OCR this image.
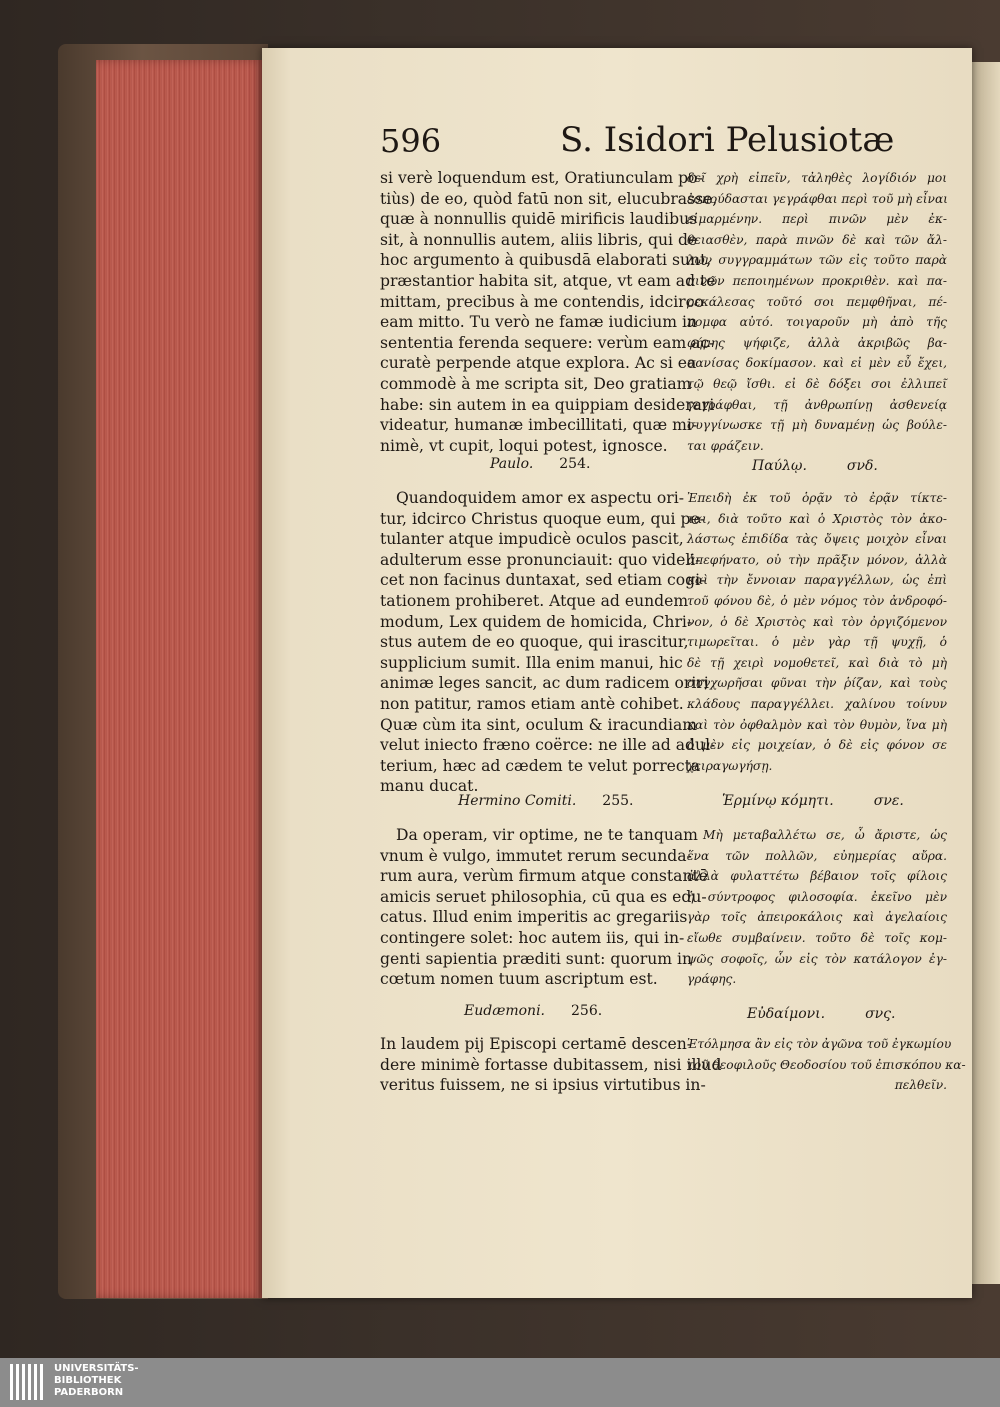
596	S. Isidori Pelusiotæ
si verè loquendum est, Oratiunculam po-
tiùs) de eo, quòd fatū non sit, elucubrasse,
quæ à nonnullis quidē mirificis laudibus
sit, à nonnullis autem, aliis libris, qui de
hoc argumento à quibusdā elaborati sunt,
præstantior habita sit, atque, vt eam ad te
mittam, precibus à me contendis, idcirco
eam mitto. Tu verò ne famæ iudicium in
sententia ferenda sequere: verùm eam ac-
curatè perpende atque explora. Ac si ea
commodè à me scripta sit, Deo gratiam
habe: sin autem in ea quippiam desiderari
videatur, humanæ imbecillitati, quæ mi-
nimè, vt cupit, loqui potest, ignosce.
δεῖ χρὴ εἰπεῖν, τἀληθὲς λογίδιόν μοι
ἐσπούδασται γεγράφθαι περὶ τοῦ μὴ εἶναι
εἱμαρμένην. περὶ πινῶν μὲν ἐκ-
θειασθὲν, παρὰ πινῶν δὲ καὶ τῶν ἄλ-
λων συγγραμμάτων τῶν εἰς τοῦτο παρὰ
πινῶν πεποιημένων προκριθὲν. καὶ πα-
ρεκάλεσας τοῦτό σοι πεμφθῆναι, πέ-
πομφα αὐτό. τοιγαροῦν μὴ ἀπὸ τῆς
φήμης ψήφιζε, ἀλλὰ ἀκριβῶς βα-
σανίσας δοκίμασον. καὶ εἰ μὲν εὖ ἔχει,
τῷ θεῷ ἴσθι. εἰ δὲ δόξει σοι ἐλλιπεῖ
γεγράφθαι, τῇ ἀνθρωπίνῃ ἀσθενείᾳ
συγγίνωσκε τῇ μὴ δυναμένῃ ὡς βούλε-
ται φράζειν.
Paulo. 254.	Παύλῳ.	σνδ.
Quandoquidem amor ex aspectu ori-
tur, idcirco Christus quoque eum, qui pe-
tulanter atque impudicè oculos pascit,
adulterum esse pronunciauit: quo videli-
cet non facinus duntaxat, sed etiam cogi-
tationem prohiberet. Atque ad eundem
modum, Lex quidem de homicida, Chri-
stus autem de eo quoque, qui irascitur,
supplicium sumit. Illa enim manui, hic
animæ leges sancit, ac dum radicem oriri
non patitur, ramos etiam antè cohibet.
Quæ cùm ita sint, oculum & iracundiam
velut iniecto fræno coërce: ne ille ad adul-
terium, hæc ad cædem te velut porrecta
manu ducat.
Ἐπειδὴ ἐκ τοῦ ὁρᾷν τὸ ἐρᾷν τίκτε-
ται, διὰ τοῦτο καὶ ὁ Χριστὸς τὸν ἀκο-
λάστως ἐπιδίδα τὰς ὄψεις μοιχὸν εἶναι
ἀπεφήνατο, οὐ τὴν πρᾶξιν μόνον, ἀλλὰ
καὶ τὴν ἔννοιαν παραγγέλλων, ὡς ἐπὶ
τοῦ φόνου δὲ, ὁ μὲν νόμος τὸν ἀνδροφό-
νον, ὁ δὲ Χριστὸς καὶ τὸν ὀργιζόμενον
τιμωρεῖται. ὁ μὲν γὰρ τῇ ψυχῇ, ὁ
δὲ τῇ χειρὶ νομοθετεῖ, καὶ διὰ τὸ μὴ
συγχωρῆσαι φῦναι τὴν ῥίζαν, καὶ τοὺς
κλάδους παραγγέλλει. χαλίνου τοίνυν
καὶ τὸν ὀφθαλμὸν καὶ τὸν θυμὸν, ἵνα μὴ
ὁ μὲν εἰς μοιχείαν, ὁ δὲ εἰς φόνον σε
χειραγωγήσῃ.
Hermino Comiti. 255.	Ἑρμίνῳ κόμητι.	σνε.
Da operam, vir optime, ne te tanquam
vnum è vulgo, immutet rerum secunda-
rum aura, verùm firmum atque constantē
amicis seruet philosophia, cū qua es edu-
catus. Illud enim imperitis ac gregariis
contingere solet: hoc autem iis, qui in-
genti sapientia præditi sunt: quorum in
cœtum nomen tuum ascriptum est.
Μὴ μεταβαλλέτω σε, ὦ ἄριστε, ὡς
ἕνα τῶν πολλῶν, εὐημερίας αὔρα.
ἀλλὰ φυλαττέτω βέβαιον τοῖς φίλοις
ἡ σύντροφος φιλοσοφία. ἐκεῖνο μὲν
γὰρ τοῖς ἀπειροκάλοις καὶ ἀγελαίοις
εἴωθε συμβαίνειν. τοῦτο δὲ τοῖς κομ-
ψῶς σοφοῖς, ὧν εἰς τὸν κατάλογον ἐγ-
γράφης.
Eudæmoni. 256.	Εὐδαίμονι.	σνς.
In laudem pij Episcopi certamē descen-
dere minimè fortasse dubitassem, nisi illud
veritus fuissem, ne si ipsius virtutibus in-
Ἐτόλμησα ἂν εἰς τὸν ἀγῶνα τοῦ ἐγκωμίου
τοῦ θεοφιλοῦς Θεοδοσίου τοῦ ἐπισκόπου κα-
πελθεῖν.
UNIVERSITÄTS-
BIBLIOTHEK
PADERBORN
